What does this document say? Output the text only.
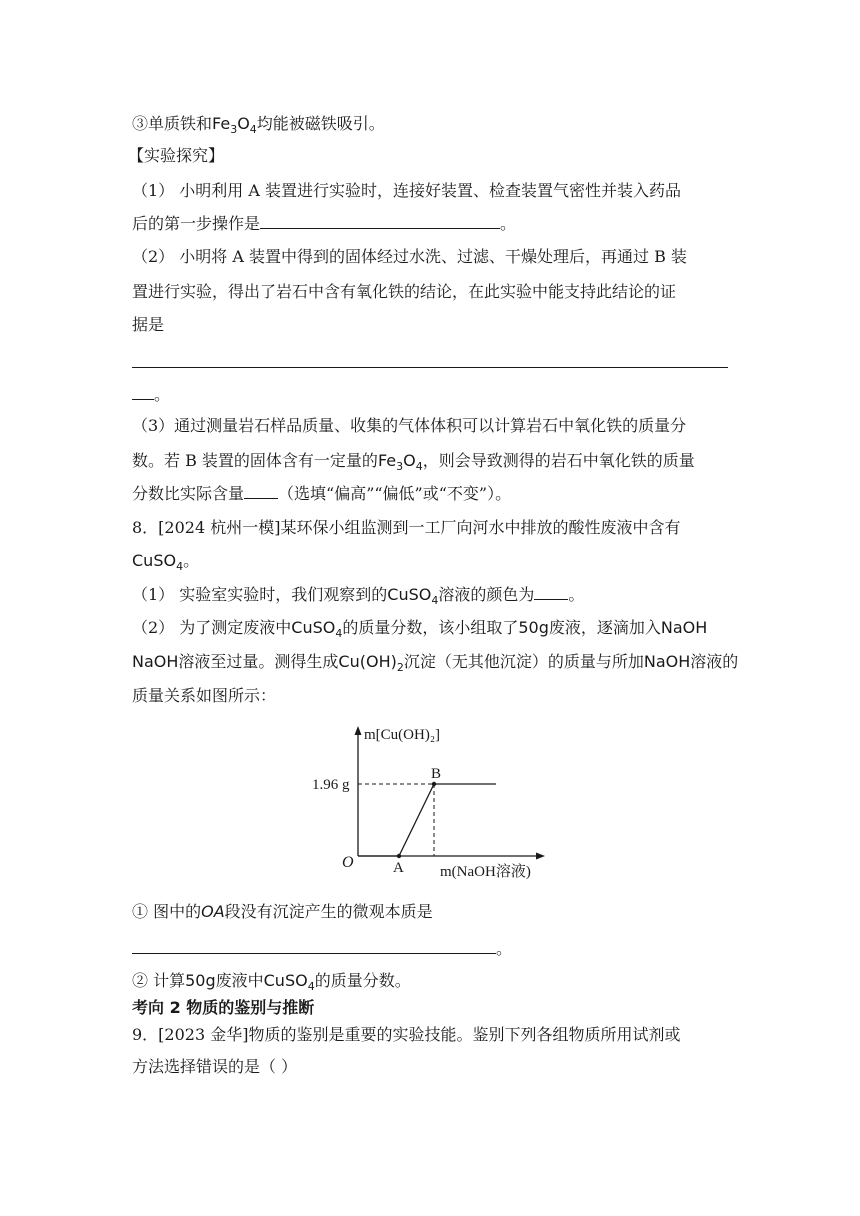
③单质铁和$Fe_3O_4$均能被磁铁吸引。
【实验探究】
（1） 小明利用 A 装置进行实验时，连接好装置、检查装置气密性并装入药品
后的第一步操作是	。
（2） 小明将 A 装置中得到的固体经过水洗、过滤、干燥处理后，再通过 B 装
置进行实验，得出了岩石中含有氧化铁的结论，在此实验中能支持此结论的证
据是
。
（3）通过测量岩石样品质量、收集的气体体积可以计算岩石中氧化铁的质量分
数。若 B 装置的固体含有一定量的$Fe_3O_4$，则会导致测得的岩石中氧化铁的质量
分数比实际含量 （选填“偏高”“偏低”或“不变”）。
8．[2024 杭州一模]某环保小组监测到一工厂向河水中排放的酸性废液中含有
CuSO$_4$。
（1） 实验室实验时，我们观察到的CuSO$_4$溶液的颜色为 。
（2） 为了测定废液中CuSO$_4$的质量分数，该小组取了50g废液，逐滴加入NaOH
NaOH溶液至过量。测得生成$Cu(OH)_2$沉淀（无其他沉淀）的质量与所加NaOH溶液的
质量关系如图所示：
m[Cu(OH)₂]
m(NaOH溶液)
O
1.96 g
A
B
① 图中的OA段没有沉淀产生的微观本质是
。
② 计算50g废液中CuSO$_4$的质量分数。
考向 2 物质的鉴别与推断
9．[2023 金华]物质的鉴别是重要的实验技能。鉴别下列各组物质所用试剂或
方法选择错误的是（ ）
